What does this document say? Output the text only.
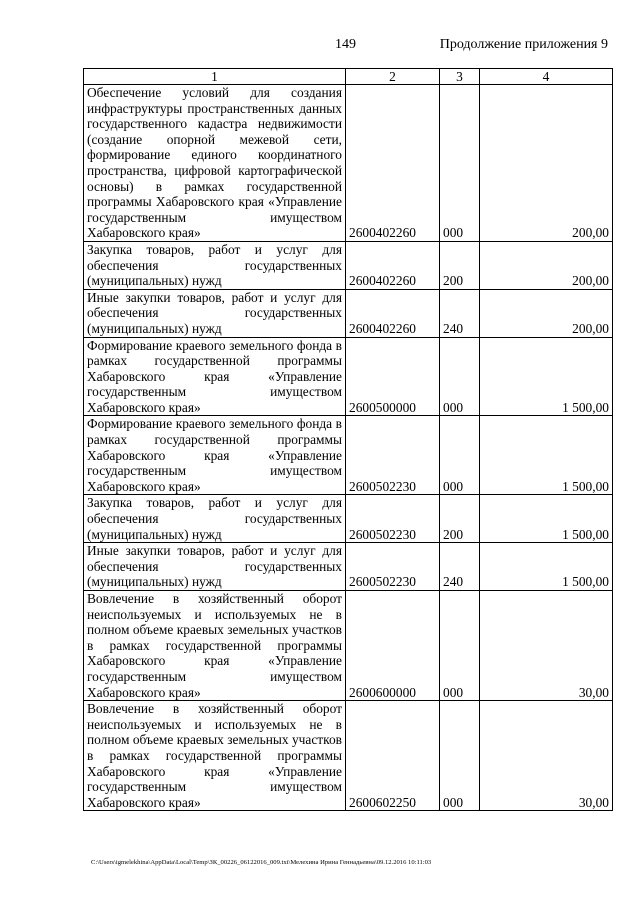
149	Продолжение приложения 9
1	2	3	4
Обеспечение условий для создания инфраструктуры пространственных данных государственного кадастра недвижимости (создание опорной межевой сети, формирование единого координатного пространства, цифровой картографической основы) в рамках государственной программы Хабаровского края «Управление государственным имуществом Хабаровского края»	2600402260	000	200,00
Закупка товаров, работ и услуг для обеспечения государственных (муниципальных) нужд	2600402260	200	200,00
Иные закупки товаров, работ и услуг для обеспечения государственных (муниципальных) нужд	2600402260	240	200,00
Формирование краевого земельного фонда в рамках государственной программы Хабаровского края «Управление государственным имуществом Хабаровского края»	2600500000	000	1 500,00
Формирование краевого земельного фонда в рамках государственной программы Хабаровского края «Управление государственным имуществом Хабаровского края»	2600502230	000	1 500,00
Закупка товаров, работ и услуг для обеспечения государственных (муниципальных) нужд	2600502230	200	1 500,00
Иные закупки товаров, работ и услуг для обеспечения государственных (муниципальных) нужд	2600502230	240	1 500,00
Вовлечение в хозяйственный оборот неиспользуемых и используемых не в полном объеме краевых земельных участков в рамках государственной программы Хабаровского края «Управление государственным имуществом Хабаровского края»	2600600000	000	30,00
Вовлечение в хозяйственный оборот неиспользуемых и используемых не в полном объеме краевых земельных участков в рамках государственной программы Хабаровского края «Управление государственным имуществом Хабаровского края»	2600602250	000	30,00
C:\Users\igmelekhina\AppData\Local\Temp\ЗК_00226_06122016_009.txt\Мелехина Ирина Геннадьевна\09.12.2016 10:11:03
